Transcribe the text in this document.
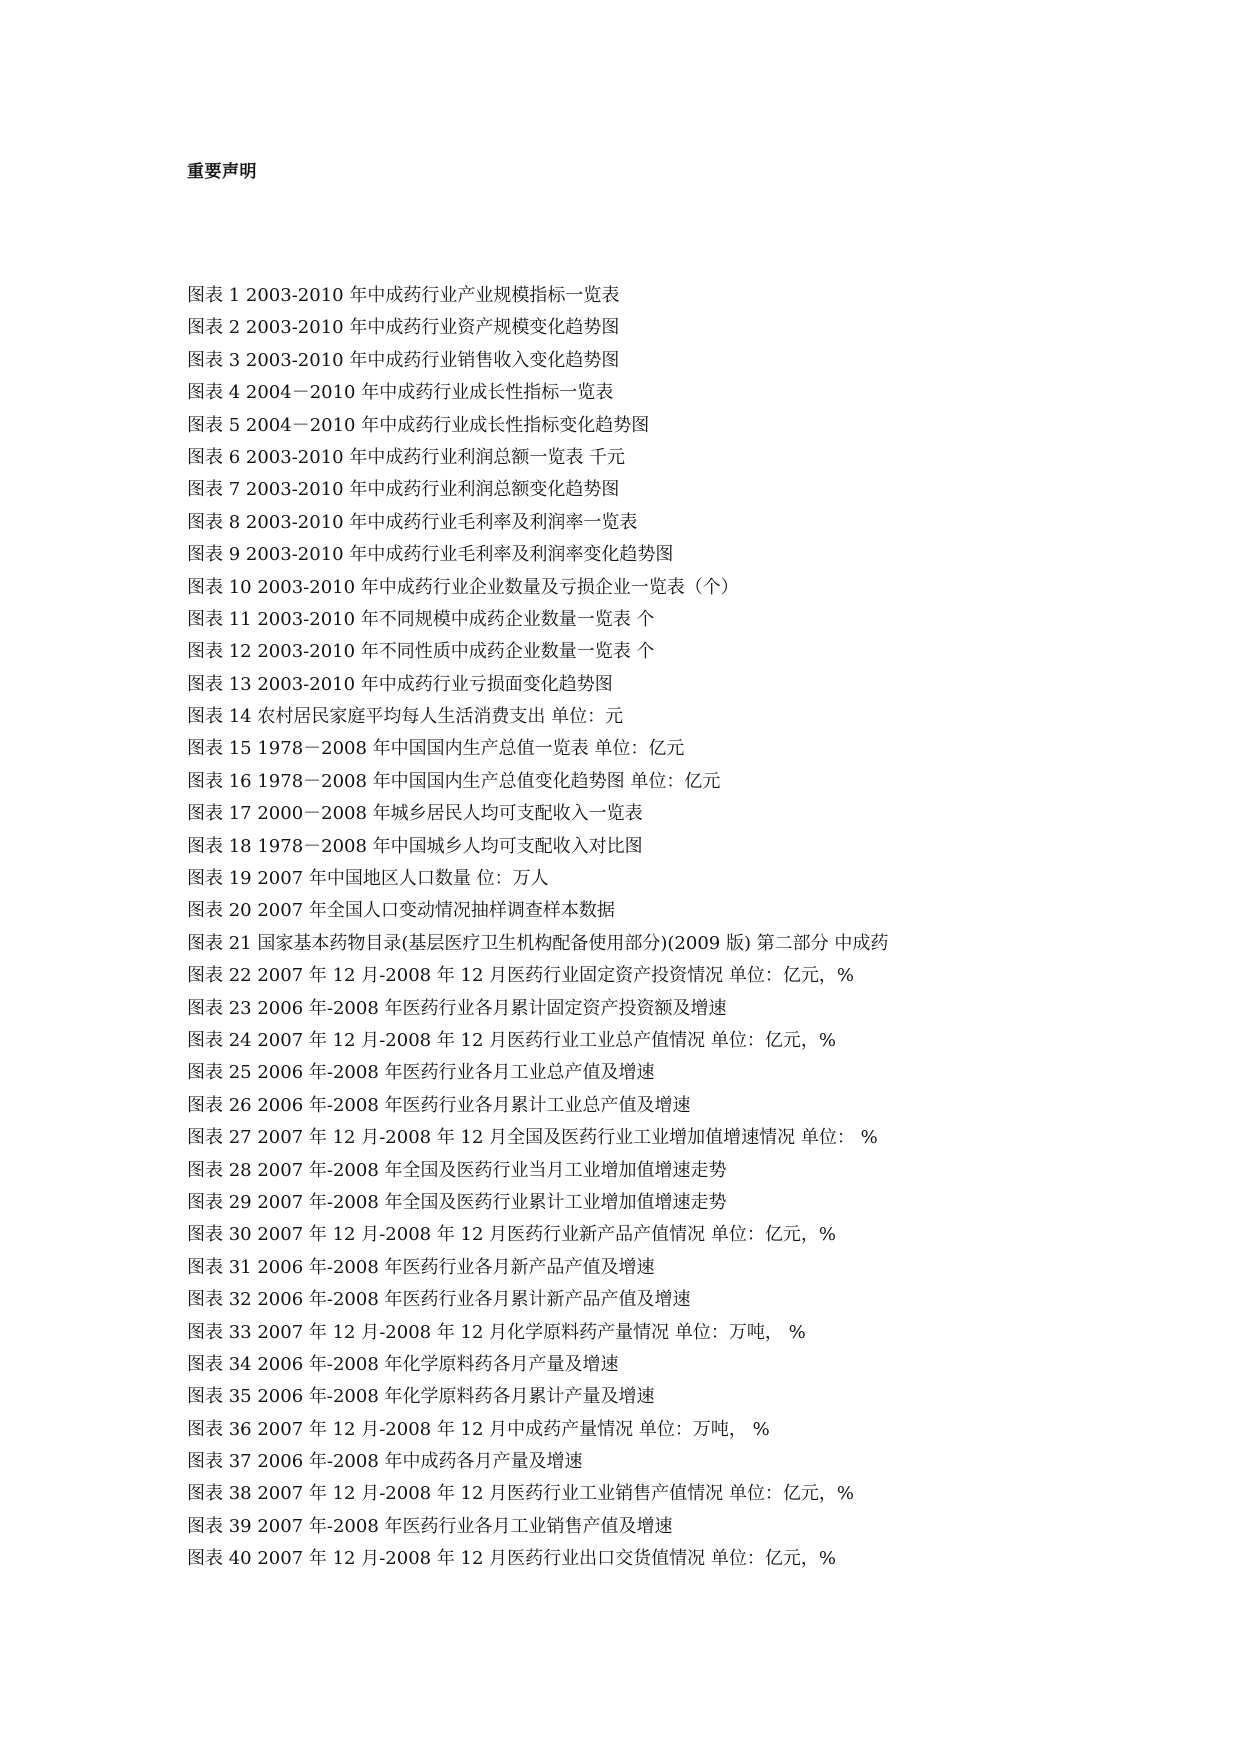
重要声明
图表 1 2003-2010 年中成药行业产业规模指标一览表
图表 2 2003-2010 年中成药行业资产规模变化趋势图
图表 3 2003-2010 年中成药行业销售收入变化趋势图
图表 4 2004－2010 年中成药行业成长性指标一览表
图表 5 2004－2010 年中成药行业成长性指标变化趋势图
图表 6 2003-2010 年中成药行业利润总额一览表 千元
图表 7 2003-2010 年中成药行业利润总额变化趋势图
图表 8 2003-2010 年中成药行业毛利率及利润率一览表
图表 9 2003-2010 年中成药行业毛利率及利润率变化趋势图
图表 10 2003-2010 年中成药行业企业数量及亏损企业一览表（个）
图表 11 2003-2010 年不同规模中成药企业数量一览表 个
图表 12 2003-2010 年不同性质中成药企业数量一览表 个
图表 13 2003-2010 年中成药行业亏损面变化趋势图
图表 14 农村居民家庭平均每人生活消费支出 单位：元
图表 15 1978－2008 年中国国内生产总值一览表 单位：亿元
图表 16 1978－2008 年中国国内生产总值变化趋势图 单位：亿元
图表 17 2000－2008 年城乡居民人均可支配收入一览表
图表 18 1978－2008 年中国城乡人均可支配收入对比图
图表 19 2007 年中国地区人口数量 位：万人
图表 20 2007 年全国人口变动情况抽样调查样本数据
图表 21 国家基本药物目录(基层医疗卫生机构配备使用部分)(2009 版) 第二部分 中成药
图表 22 2007 年 12 月-2008 年 12 月医药行业固定资产投资情况 单位：亿元，%
图表 23 2006 年-2008 年医药行业各月累计固定资产投资额及增速
图表 24 2007 年 12 月-2008 年 12 月医药行业工业总产值情况 单位：亿元，%
图表 25 2006 年-2008 年医药行业各月工业总产值及增速
图表 26 2006 年-2008 年医药行业各月累计工业总产值及增速
图表 27 2007 年 12 月-2008 年 12 月全国及医药行业工业增加值增速情况 单位： %
图表 28 2007 年-2008 年全国及医药行业当月工业增加值增速走势
图表 29 2007 年-2008 年全国及医药行业累计工业增加值增速走势
图表 30 2007 年 12 月-2008 年 12 月医药行业新产品产值情况 单位：亿元，%
图表 31 2006 年-2008 年医药行业各月新产品产值及增速
图表 32 2006 年-2008 年医药行业各月累计新产品产值及增速
图表 33 2007 年 12 月-2008 年 12 月化学原料药产量情况 单位：万吨， %
图表 34 2006 年-2008 年化学原料药各月产量及增速
图表 35 2006 年-2008 年化学原料药各月累计产量及增速
图表 36 2007 年 12 月-2008 年 12 月中成药产量情况 单位：万吨， %
图表 37 2006 年-2008 年中成药各月产量及增速
图表 38 2007 年 12 月-2008 年 12 月医药行业工业销售产值情况 单位：亿元，%
图表 39 2007 年-2008 年医药行业各月工业销售产值及增速
图表 40 2007 年 12 月-2008 年 12 月医药行业出口交货值情况 单位：亿元，%
